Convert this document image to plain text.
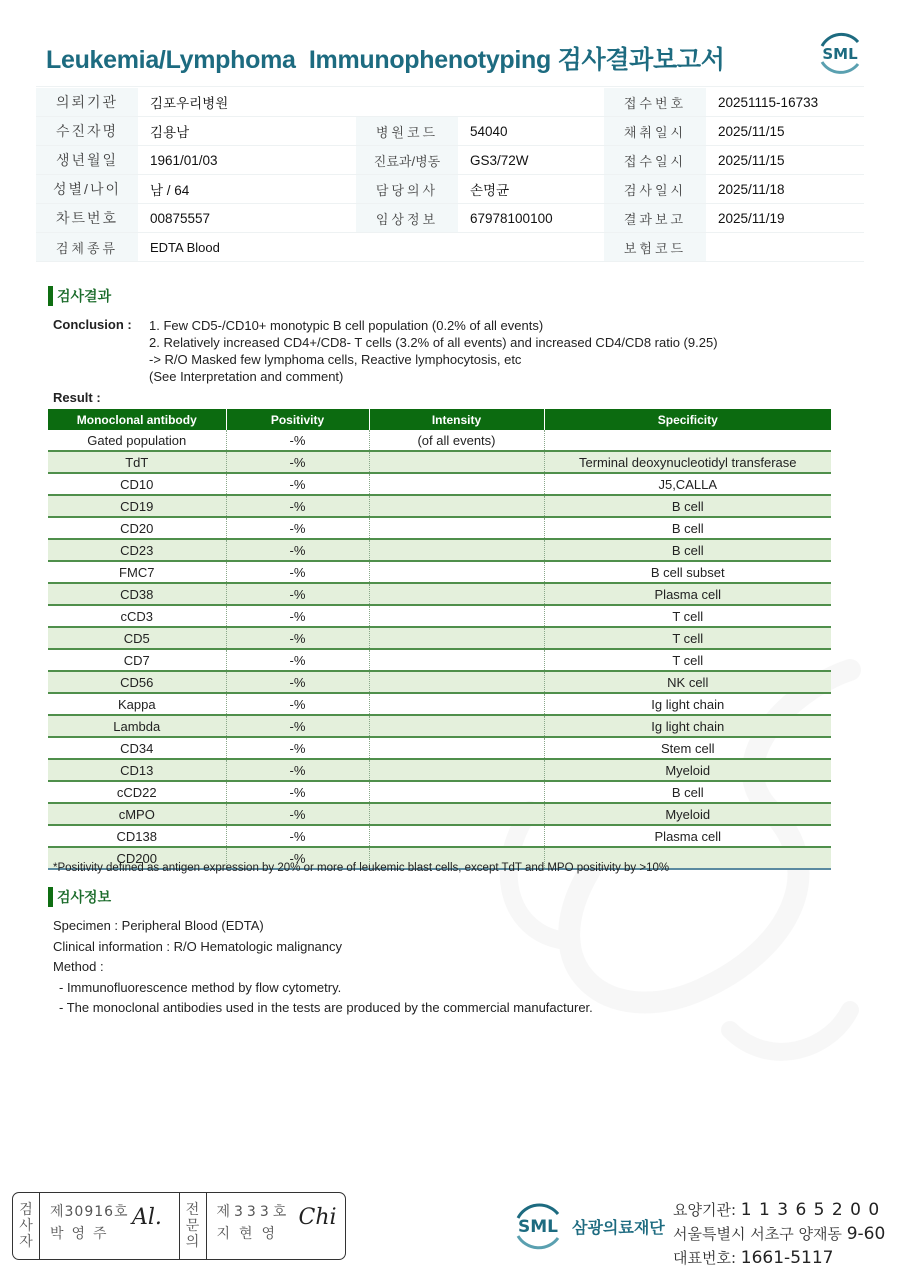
Leukemia/Lymphoma  Immunophenotyping 검사결과보고서	SML
의뢰기관	김포우리병원			접수번호	20251115-16733
수진자명	김용남	병원코드	54040	채취일시	2025/11/15
생년월일	1961/01/03	진료과/병동	GS3/72W	접수일시	2025/11/15
성별/나이	남 / 64	담당의사	손명균	검사일시	2025/11/18
차트번호	00875557	임상정보	67978100100	결과보고	2025/11/19
검체종류	EDTA Blood			보험코드	
검사결과
Conclusion : 1. Few CD5-/CD10+ monotypic B cell population (0.2% of all events)
2. Relatively increased CD4+/CD8- T cells (3.2% of all events) and increased CD4/CD8 ratio (9.25)
-> R/O Masked few lymphoma cells, Reactive lymphocytosis, etc
(See Interpretation and comment)
Result :
Monoclonal antibody	Positivity	Intensity	Specificity
Gated population	-%	(of all events)	
TdT	-%		Terminal deoxynucleotidyl transferase
CD10	-%		J5,CALLA
CD19	-%		B cell
CD20	-%		B cell
CD23	-%		B cell
FMC7	-%		B cell subset
CD38	-%		Plasma cell
cCD3	-%		T cell
CD5	-%		T cell
CD7	-%		T cell
CD56	-%		NK cell
Kappa	-%		Ig light chain
Lambda	-%		Ig light chain
CD34	-%		Stem cell
CD13	-%		Myeloid
cCD22	-%		B cell
cMPO	-%		Myeloid
CD138	-%		Plasma cell
CD200	-%		
*Positivity defined as antigen expression by 20% or more of leukemic blast cells, except TdT and MPO positivity by >10%
검사정보
Specimen : Peripheral Blood (EDTA)
Clinical information : R/O Hematologic malignancy
Method :
- Immunofluorescence method by flow cytometry.
- The monoclonal antibodies used in the tests are produced by the commercial manufacturer.
검
사
자
제30916호
박영주
Al. 전
문
의
제333호
지현영
Chi	SML 삼광의료재단
요양기관: 1 1 3 6 5 2 0 0
서울특별시 서초구 양재동 9-60
대표번호: 1661-5117
